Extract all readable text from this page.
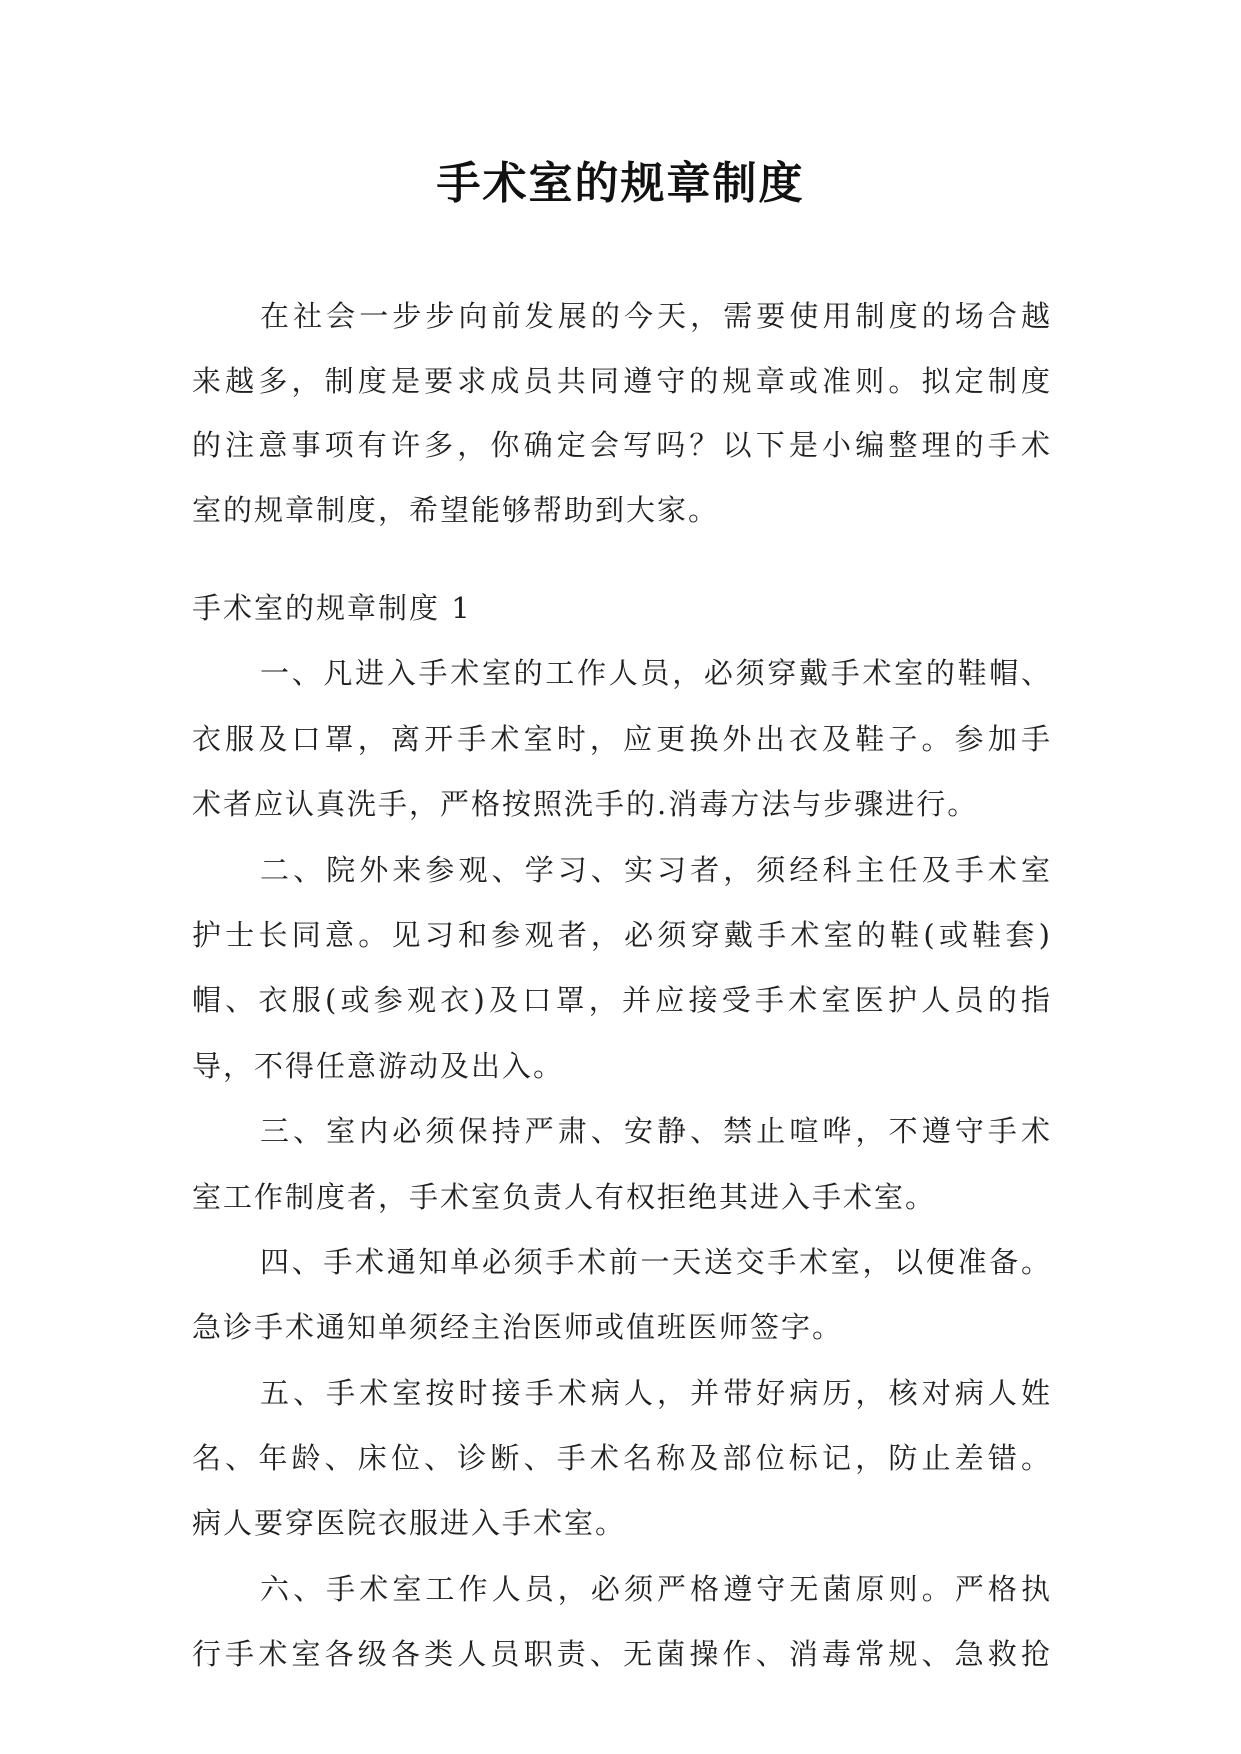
手术室的规章制度
在社会一步步向前发展的今天，需要使用制度的场合越
来越多，制度是要求成员共同遵守的规章或准则。拟定制度
的注意事项有许多，你确定会写吗？以下是小编整理的手术
室的规章制度，希望能够帮助到大家。
手术室的规章制度 1
一、凡进入手术室的工作人员，必须穿戴手术室的鞋帽、
衣服及口罩，离开手术室时，应更换外出衣及鞋子。参加手
术者应认真洗手，严格按照洗手的.消毒方法与步骤进行。
二、院外来参观、学习、实习者，须经科主任及手术室
护士长同意。见习和参观者，必须穿戴手术室的鞋(或鞋套)
帽、衣服(或参观衣)及口罩，并应接受手术室医护人员的指
导，不得任意游动及出入。
三、室内必须保持严肃、安静、禁止喧哗，不遵守手术
室工作制度者，手术室负责人有权拒绝其进入手术室。
四、手术通知单必须手术前一天送交手术室，以便准备。
急诊手术通知单须经主治医师或值班医师签字。
五、手术室按时接手术病人，并带好病历，核对病人姓
名、年龄、床位、诊断、手术名称及部位标记，防止差错。
病人要穿医院衣服进入手术室。
六、手术室工作人员，必须严格遵守无菌原则。严格执
行手术室各级各类人员职责、无菌操作、消毒常规、急救抢
